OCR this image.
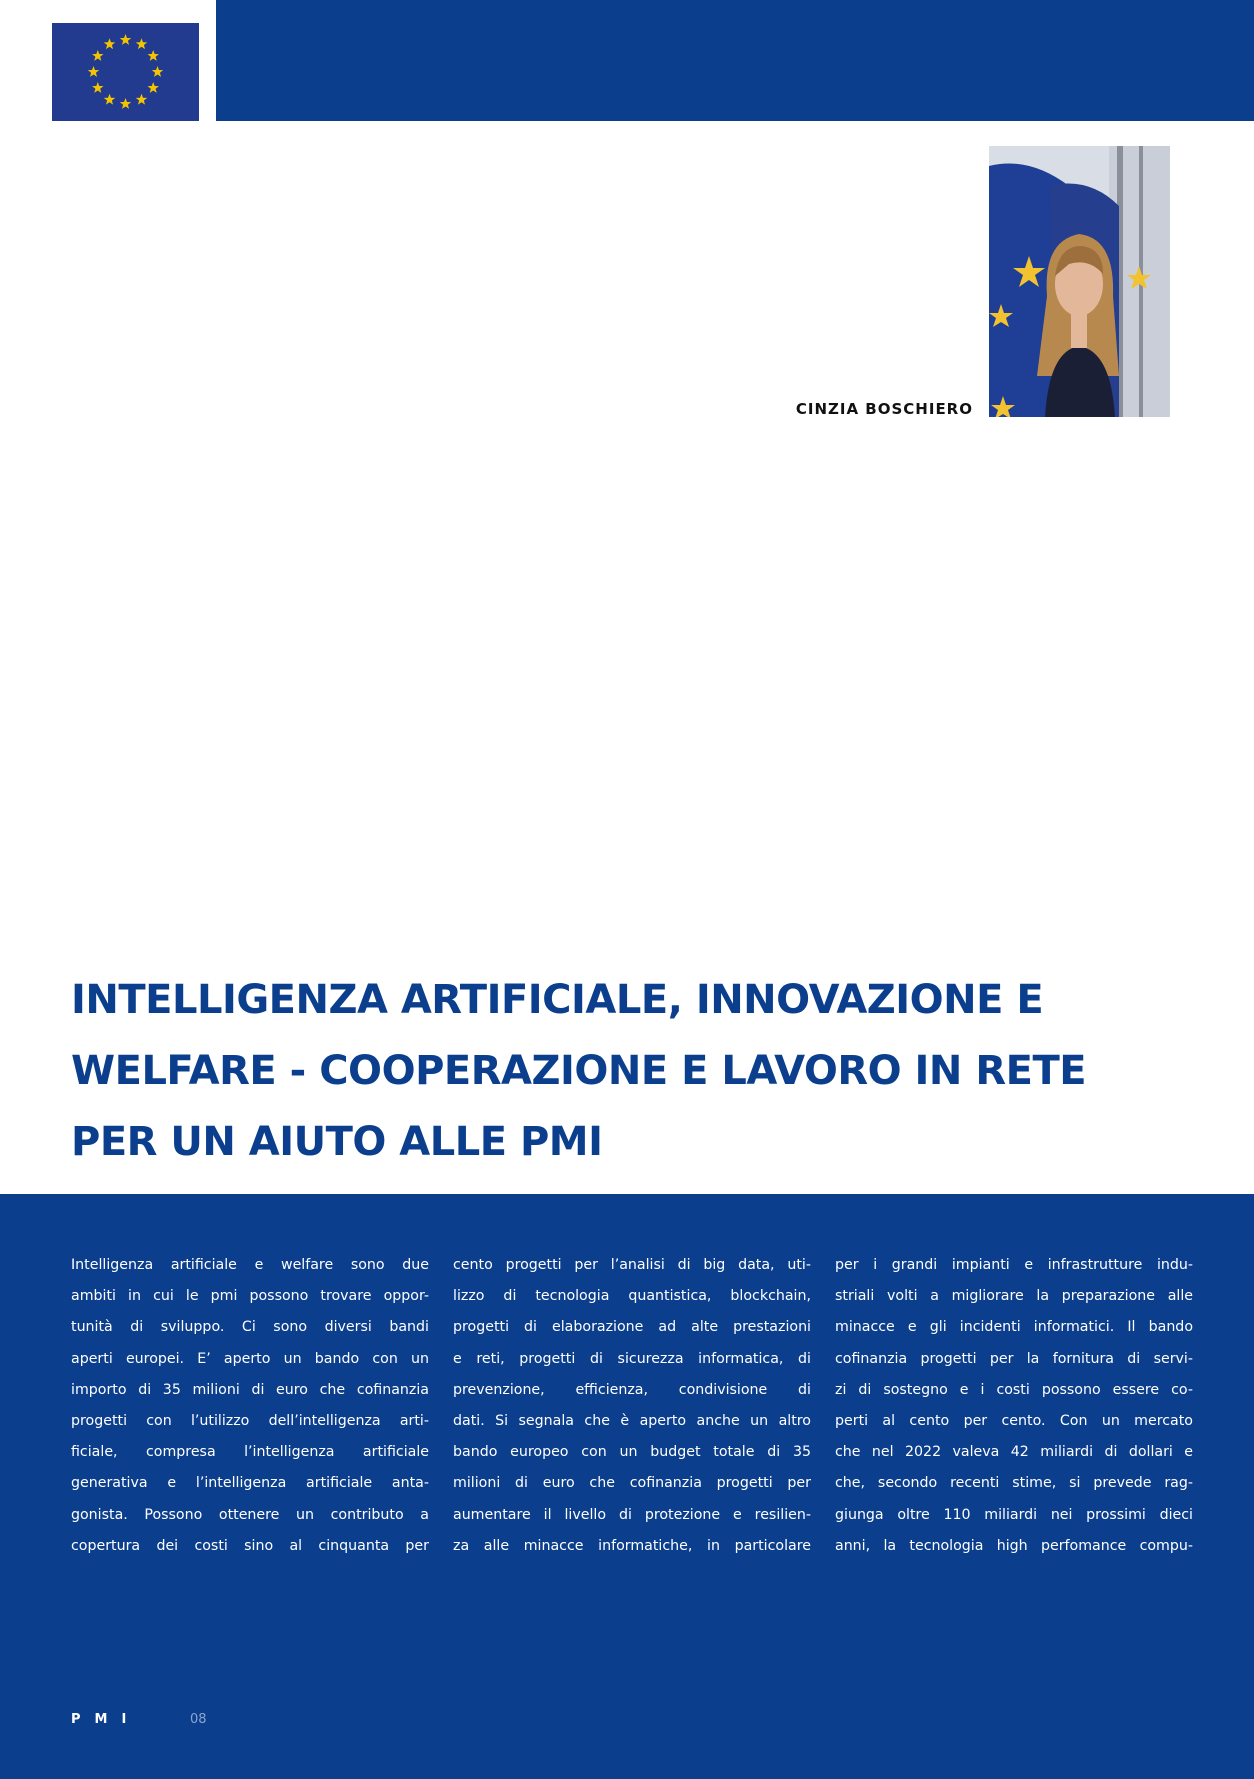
CINZIA BOSCHIERO
INTELLIGENZA ARTIFICIALE, INNOVAZIONE E
WELFARE - COOPERAZIONE E LAVORO IN RETE
PER UN AIUTO ALLE PMI
Intelligenza artificiale e welfare sono due
ambiti in cui le pmi possono trovare oppor-
tunità di sviluppo. Ci sono diversi bandi
aperti europei. E’ aperto un bando con un
importo di 35 milioni di euro che cofinanzia
progetti con l’utilizzo dell’intelligenza arti-
ficiale, compresa l’intelligenza artificiale
generativa e l’intelligenza artificiale anta-
gonista. Possono ottenere un contributo a
copertura dei costi sino al cinquanta per
cento progetti per l’analisi di big data, uti-
lizzo di tecnologia quantistica, blockchain,
progetti di elaborazione ad alte prestazioni
e reti, progetti di sicurezza informatica, di
prevenzione, efficienza, condivisione di
dati. Si segnala che è aperto anche un altro
bando europeo con un budget totale di 35
milioni di euro che cofinanzia progetti per
aumentare il livello di protezione e resilien-
za alle minacce informatiche, in particolare
per i grandi impianti e infrastrutture indu-
striali volti a migliorare la preparazione alle
minacce e gli incidenti informatici. Il bando
cofinanzia progetti per la fornitura di servi-
zi di sostegno e i costi possono essere co-
perti al cento per cento. Con un mercato
che nel 2022 valeva 42 miliardi di dollari e
che, secondo recenti stime, si prevede rag-
giunga oltre 110 miliardi nei prossimi dieci
anni, la tecnologia high perfomance compu-
PMI	08
